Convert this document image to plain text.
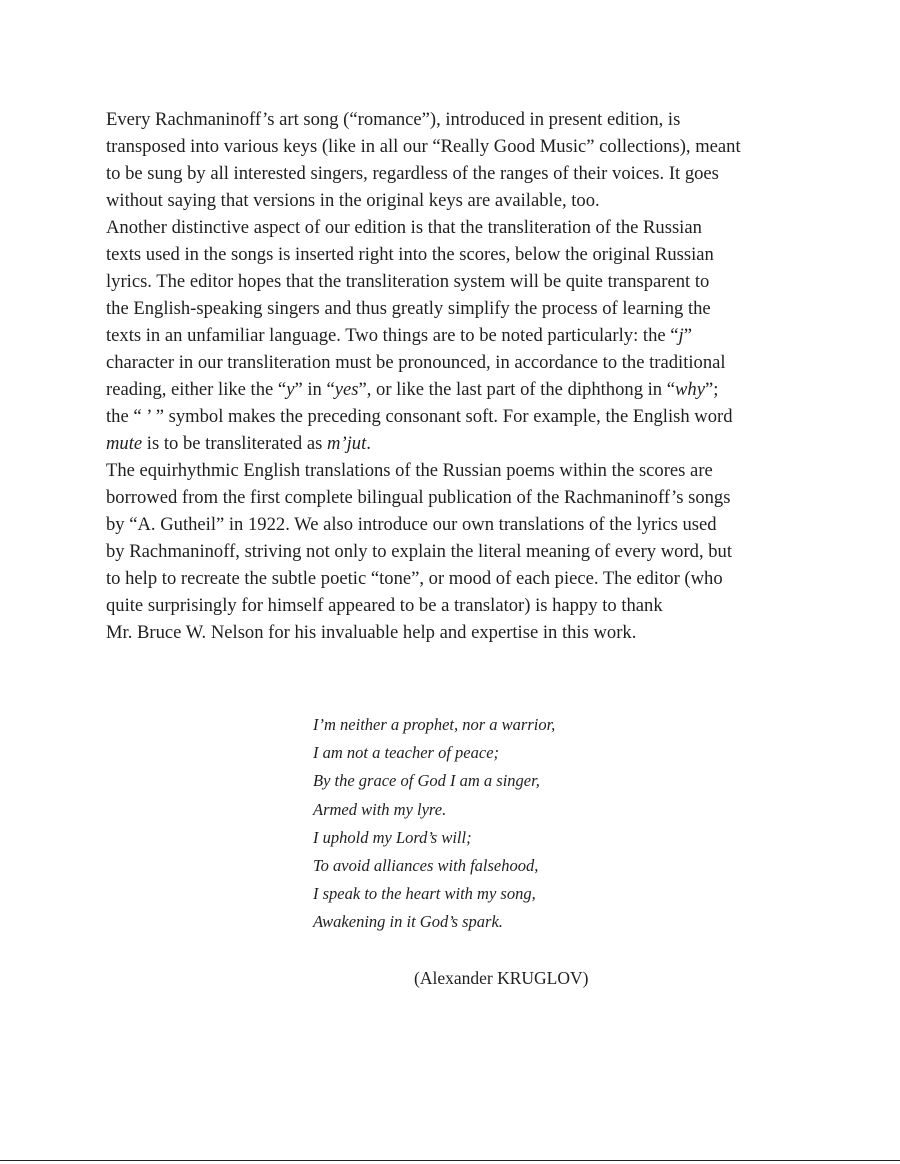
Every Rachmaninoff’s art song (“romance”), introduced in present edition, is
transposed into various keys (like in all our “Really Good Music” collections), meant
to be sung by all interested singers, regardless of the ranges of their voices. It goes
without saying that versions in the original keys are available, too.
Another distinctive aspect of our edition is that the transliteration of the Russian
texts used in the songs is inserted right into the scores, below the original Russian
lyrics. The editor hopes that the transliteration system will be quite transparent to
the English-speaking singers and thus greatly simplify the process of learning the
texts in an unfamiliar language. Two things are to be noted particularly: the “j”
character in our transliteration must be pronounced, in accordance to the traditional
reading, either like the “y” in “yes”, or like the last part of the diphthong in “why”;
the “ ’ ” symbol makes the preceding consonant soft. For example, the English word
mute is to be transliterated as m’jut.
The equirhythmic English translations of the Russian poems within the scores are
borrowed from the first complete bilingual publication of the Rachmaninoff’s songs
by “A. Gutheil” in 1922. We also introduce our own translations of the lyrics used
by Rachmaninoff, striving not only to explain the literal meaning of every word, but
to help to recreate the subtle poetic “tone”, or mood of each piece. The editor (who
quite surprisingly for himself appeared to be a translator) is happy to thank
Mr. Bruce W. Nelson for his invaluable help and expertise in this work.
I’m neither a prophet, nor a warrior,
I am not a teacher of peace;
By the grace of God I am a singer,
Armed with my lyre.
I uphold my Lord’s will;
To avoid alliances with falsehood,
I speak to the heart with my song,
Awakening in it God’s spark.
(Alexander KRUGLOV)
